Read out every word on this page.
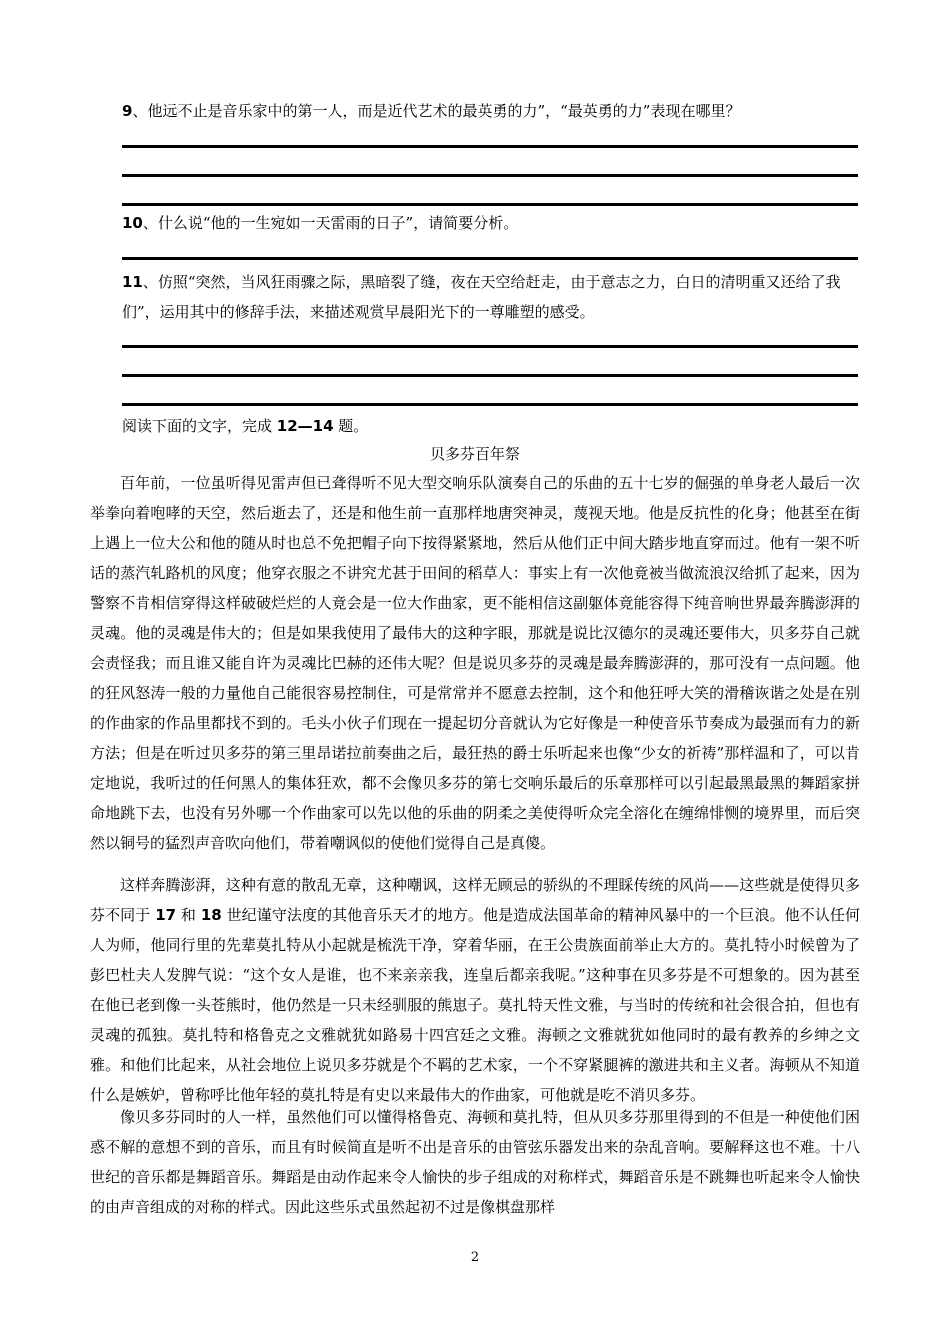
9、他远不止是音乐家中的第一人，而是近代艺术的最英勇的力”，“最英勇的力”表现在哪里？
10、什么说“他的一生宛如一天雷雨的日子”，请简要分析。
11、仿照“突然，当风狂雨骤之际，黑暗裂了缝，夜在天空给赶走，由于意志之力，白日的清明重又还给了我们”，运用其中的修辞手法，来描述观赏早晨阳光下的一尊雕塑的感受。
阅读下面的文字，完成 12—14 题。
贝多芬百年祭
百年前，一位虽听得见雷声但已聋得听不见大型交响乐队演奏自己的乐曲的五十七岁的倔强的单身老人最后一次举拳向着咆哮的天空，然后逝去了，还是和他生前一直那样地唐突神灵，蔑视天地。他是反抗性的化身；他甚至在街上遇上一位大公和他的随从时也总不免把帽子向下按得紧紧地，然后从他们正中间大踏步地直穿而过。他有一架不听话的蒸汽轧路机的风度；他穿衣服之不讲究尤甚于田间的稻草人：事实上有一次他竟被当做流浪汉给抓了起来，因为警察不肯相信穿得这样破破烂烂的人竟会是一位大作曲家，更不能相信这副躯体竟能容得下纯音响世界最奔腾澎湃的灵魂。他的灵魂是伟大的；但是如果我使用了最伟大的这种字眼，那就是说比汉德尔的灵魂还要伟大，贝多芬自己就会责怪我；而且谁又能自许为灵魂比巴赫的还伟大呢？但是说贝多芬的灵魂是最奔腾澎湃的，那可没有一点问题。他的狂风怒涛一般的力量他自己能很容易控制住，可是常常并不愿意去控制，这个和他狂呼大笑的滑稽诙谐之处是在别的作曲家的作品里都找不到的。毛头小伙子们现在一提起切分音就认为它好像是一种使音乐节奏成为最强而有力的新方法；但是在听过贝多芬的第三里昂诺拉前奏曲之后，最狂热的爵士乐听起来也像“少女的祈祷”那样温和了，可以肯定地说，我听过的任何黑人的集体狂欢，都不会像贝多芬的第七交响乐最后的乐章那样可以引起最黑最黑的舞蹈家拼命地跳下去，也没有另外哪一个作曲家可以先以他的乐曲的阴柔之美使得听众完全溶化在缠绵悱恻的境界里，而后突然以铜号的猛烈声音吹向他们，带着嘲讽似的使他们觉得自己是真傻。
这样奔腾澎湃，这种有意的散乱无章，这种嘲讽，这样无顾忌的骄纵的不理睬传统的风尚——这些就是使得贝多芬不同于 17 和 18 世纪谨守法度的其他音乐天才的地方。他是造成法国革命的精神风暴中的一个巨浪。他不认任何人为师，他同行里的先辈莫扎特从小起就是梳洗干净，穿着华丽，在王公贵族面前举止大方的。莫扎特小时候曾为了彭巴杜夫人发脾气说：“这个女人是谁，也不来亲亲我，连皇后都亲我呢。”这种事在贝多芬是不可想象的。因为甚至在他已老到像一头苍熊时，他仍然是一只未经驯服的熊崽子。莫扎特天性文雅，与当时的传统和社会很合拍，但也有灵魂的孤独。莫扎特和格鲁克之文雅就犹如路易十四宫廷之文雅。海顿之文雅就犹如他同时的最有教养的乡绅之文雅。和他们比起来，从社会地位上说贝多芬就是个不羁的艺术家，一个不穿紧腿裤的激进共和主义者。海顿从不知道什么是嫉妒，曾称呼比他年轻的莫扎特是有史以来最伟大的作曲家，可他就是吃不消贝多芬。
像贝多芬同时的人一样，虽然他们可以懂得格鲁克、海顿和莫扎特，但从贝多芬那里得到的不但是一种使他们困惑不解的意想不到的音乐，而且有时候简直是听不出是音乐的由管弦乐器发出来的杂乱音响。要解释这也不难。十八世纪的音乐都是舞蹈音乐。舞蹈是由动作起来令人愉快的步子组成的对称样式，舞蹈音乐是不跳舞也听起来令人愉快的由声音组成的对称的样式。因此这些乐式虽然起初不过是像棋盘那样
2
